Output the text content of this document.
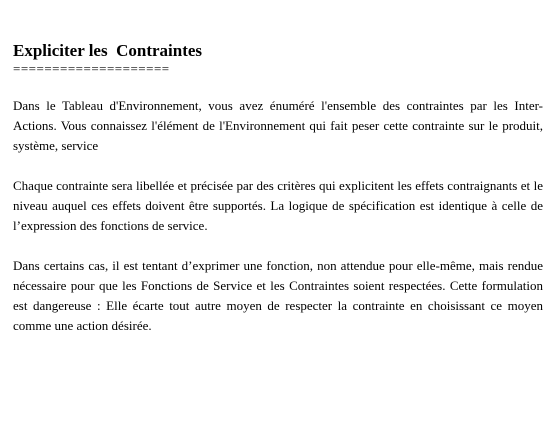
Expliciter les  Contraintes
====================

Dans le Tableau d'Environnement, vous avez énuméré l'ensemble des contraintes par les Inter-Actions. Vous connaissez l'élément de l'Environnement qui fait peser cette contrainte sur le produit, système, service

Chaque contrainte sera libellée et précisée par des critères qui explicitent les effets contraignants et le niveau auquel ces effets doivent être supportés. La logique de spécification est identique à celle de l’expression des fonctions de service.

Dans certains cas, il est tentant d’exprimer une fonction, non attendue pour elle-même, mais rendue nécessaire pour que les Fonctions de Service et les Contraintes soient respectées. Cette formulation est dangereuse : Elle écarte tout autre moyen de respecter la contrainte en choisissant ce moyen comme une action désirée.
